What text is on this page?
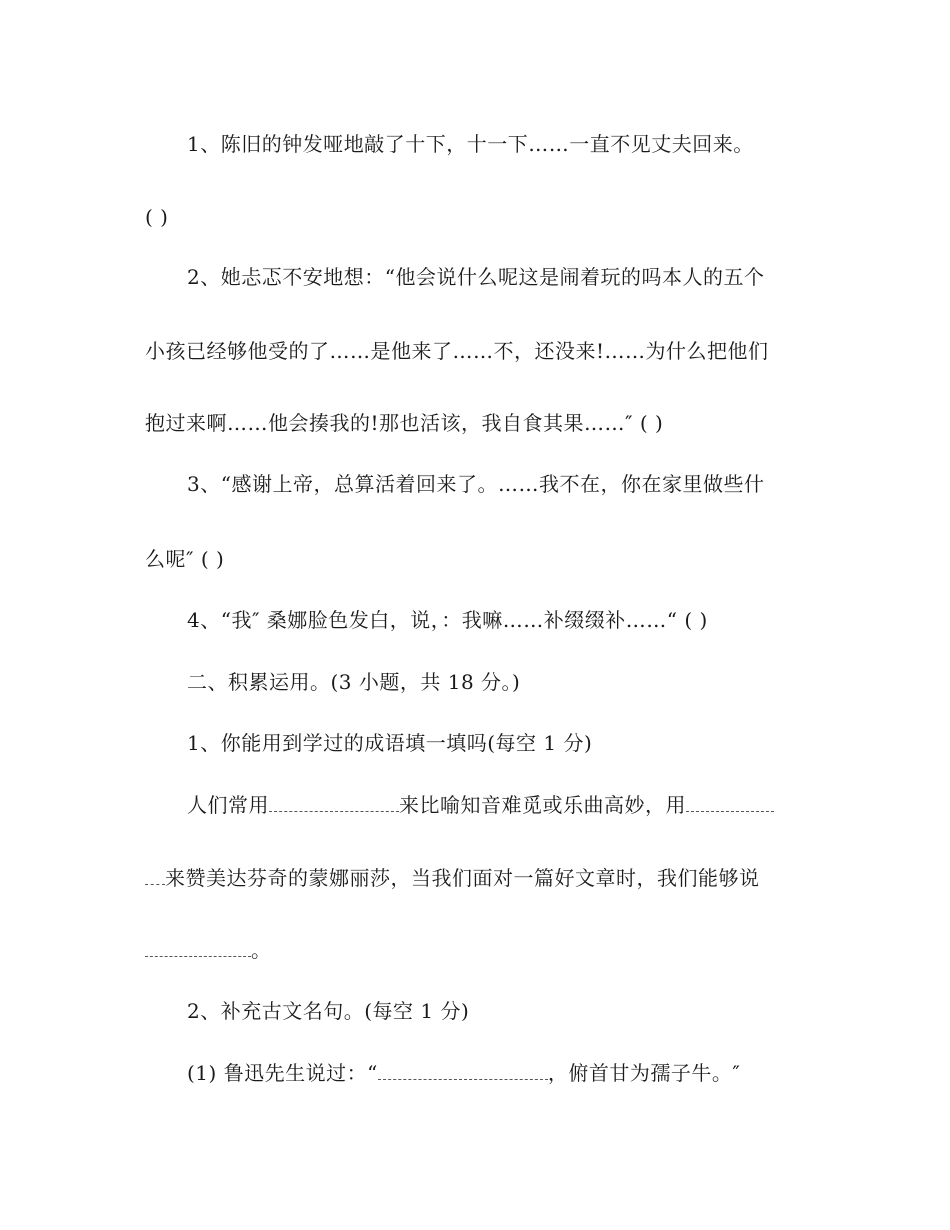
1、陈旧的钟发哑地敲了十下，十一下……一直不见丈夫回来。
( )
2、她忐忑不安地想：“他会说什么呢这是闹着玩的吗本人的五个
小孩已经够他受的了……是他来了……不，还没来!……为什么把他们
抱过来啊……他会揍我的!那也活该，我自食其果……″ ( )
3、“感谢上帝，总算活着回来了。……我不在，你在家里做些什
么呢″ ( )
4、“我″ 桑娜脸色发白，说，：我嘛……补缀缀补……“ ( )
二、积累运用。(3 小题，共 18 分。)
1、你能用到学过的成语填一填吗(每空 1 分)
人们常用	来比喻知音难觅或乐曲高妙，用
来赞美达芬奇的蒙娜丽莎，当我们面对一篇好文章时，我们能够说
。
2、补充古文名句。(每空 1 分)
(1) 鲁迅先生说过：“	，俯首甘为孺子牛。″
